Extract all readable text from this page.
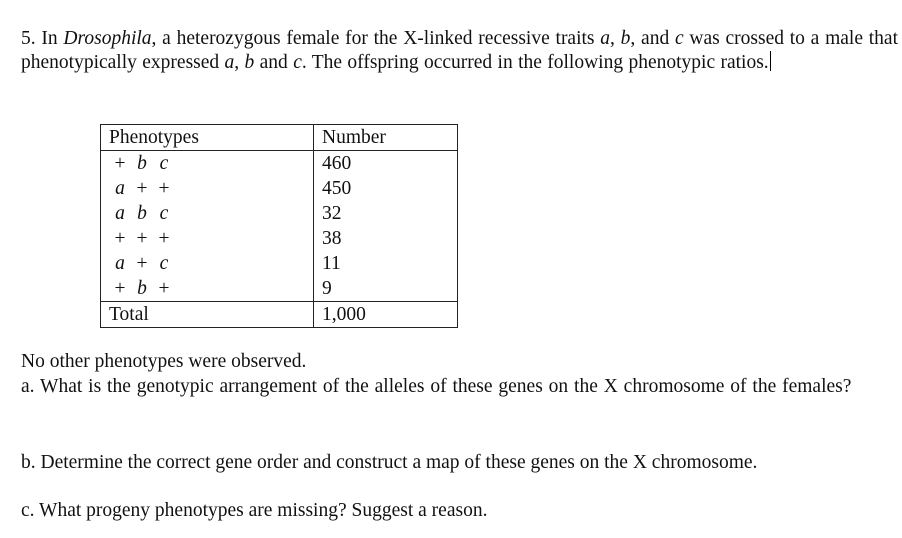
5. In Drosophila, a heterozygous female for the X-linked recessive traits a, b, and c was crossed to a male that phenotypically expressed a, b and c. The offspring occurred in the following phenotypic ratios.
Phenotypes	Number
+ b c	460
a + +	450
a b c	32
+ + +	38
a + c	11
+ b +	9
Total	1,000
No other phenotypes were observed.
a. What is the genotypic arrangement of the alleles of these genes on the X chromosome of the females?
b. Determine the correct gene order and construct a map of these genes on the X chromosome.
c. What progeny phenotypes are missing? Suggest a reason.
